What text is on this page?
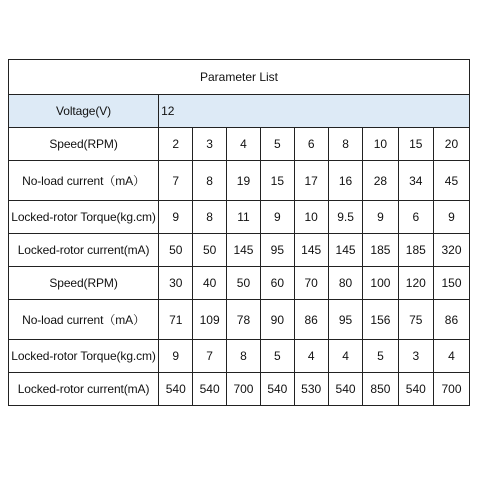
Parameter List									
Voltage(V)	12								
Speed(RPM)	2	3	4	5	6	8	10	15	20
No-load current（mA）	7	8	19	15	17	16	28	34	45
Locked-rotor Torque(kg.cm)	9	8	11	9	10	9.5	9	6	9
Locked-rotor current(mA)	50	50	145	95	145	145	185	185	320
Speed(RPM)	30	40	50	60	70	80	100	120	150
No-load current（mA）	71	109	78	90	86	95	156	75	86
Locked-rotor Torque(kg.cm)	9	7	8	5	4	4	5	3	4
Locked-rotor current(mA)	540	540	700	540	530	540	850	540	700
